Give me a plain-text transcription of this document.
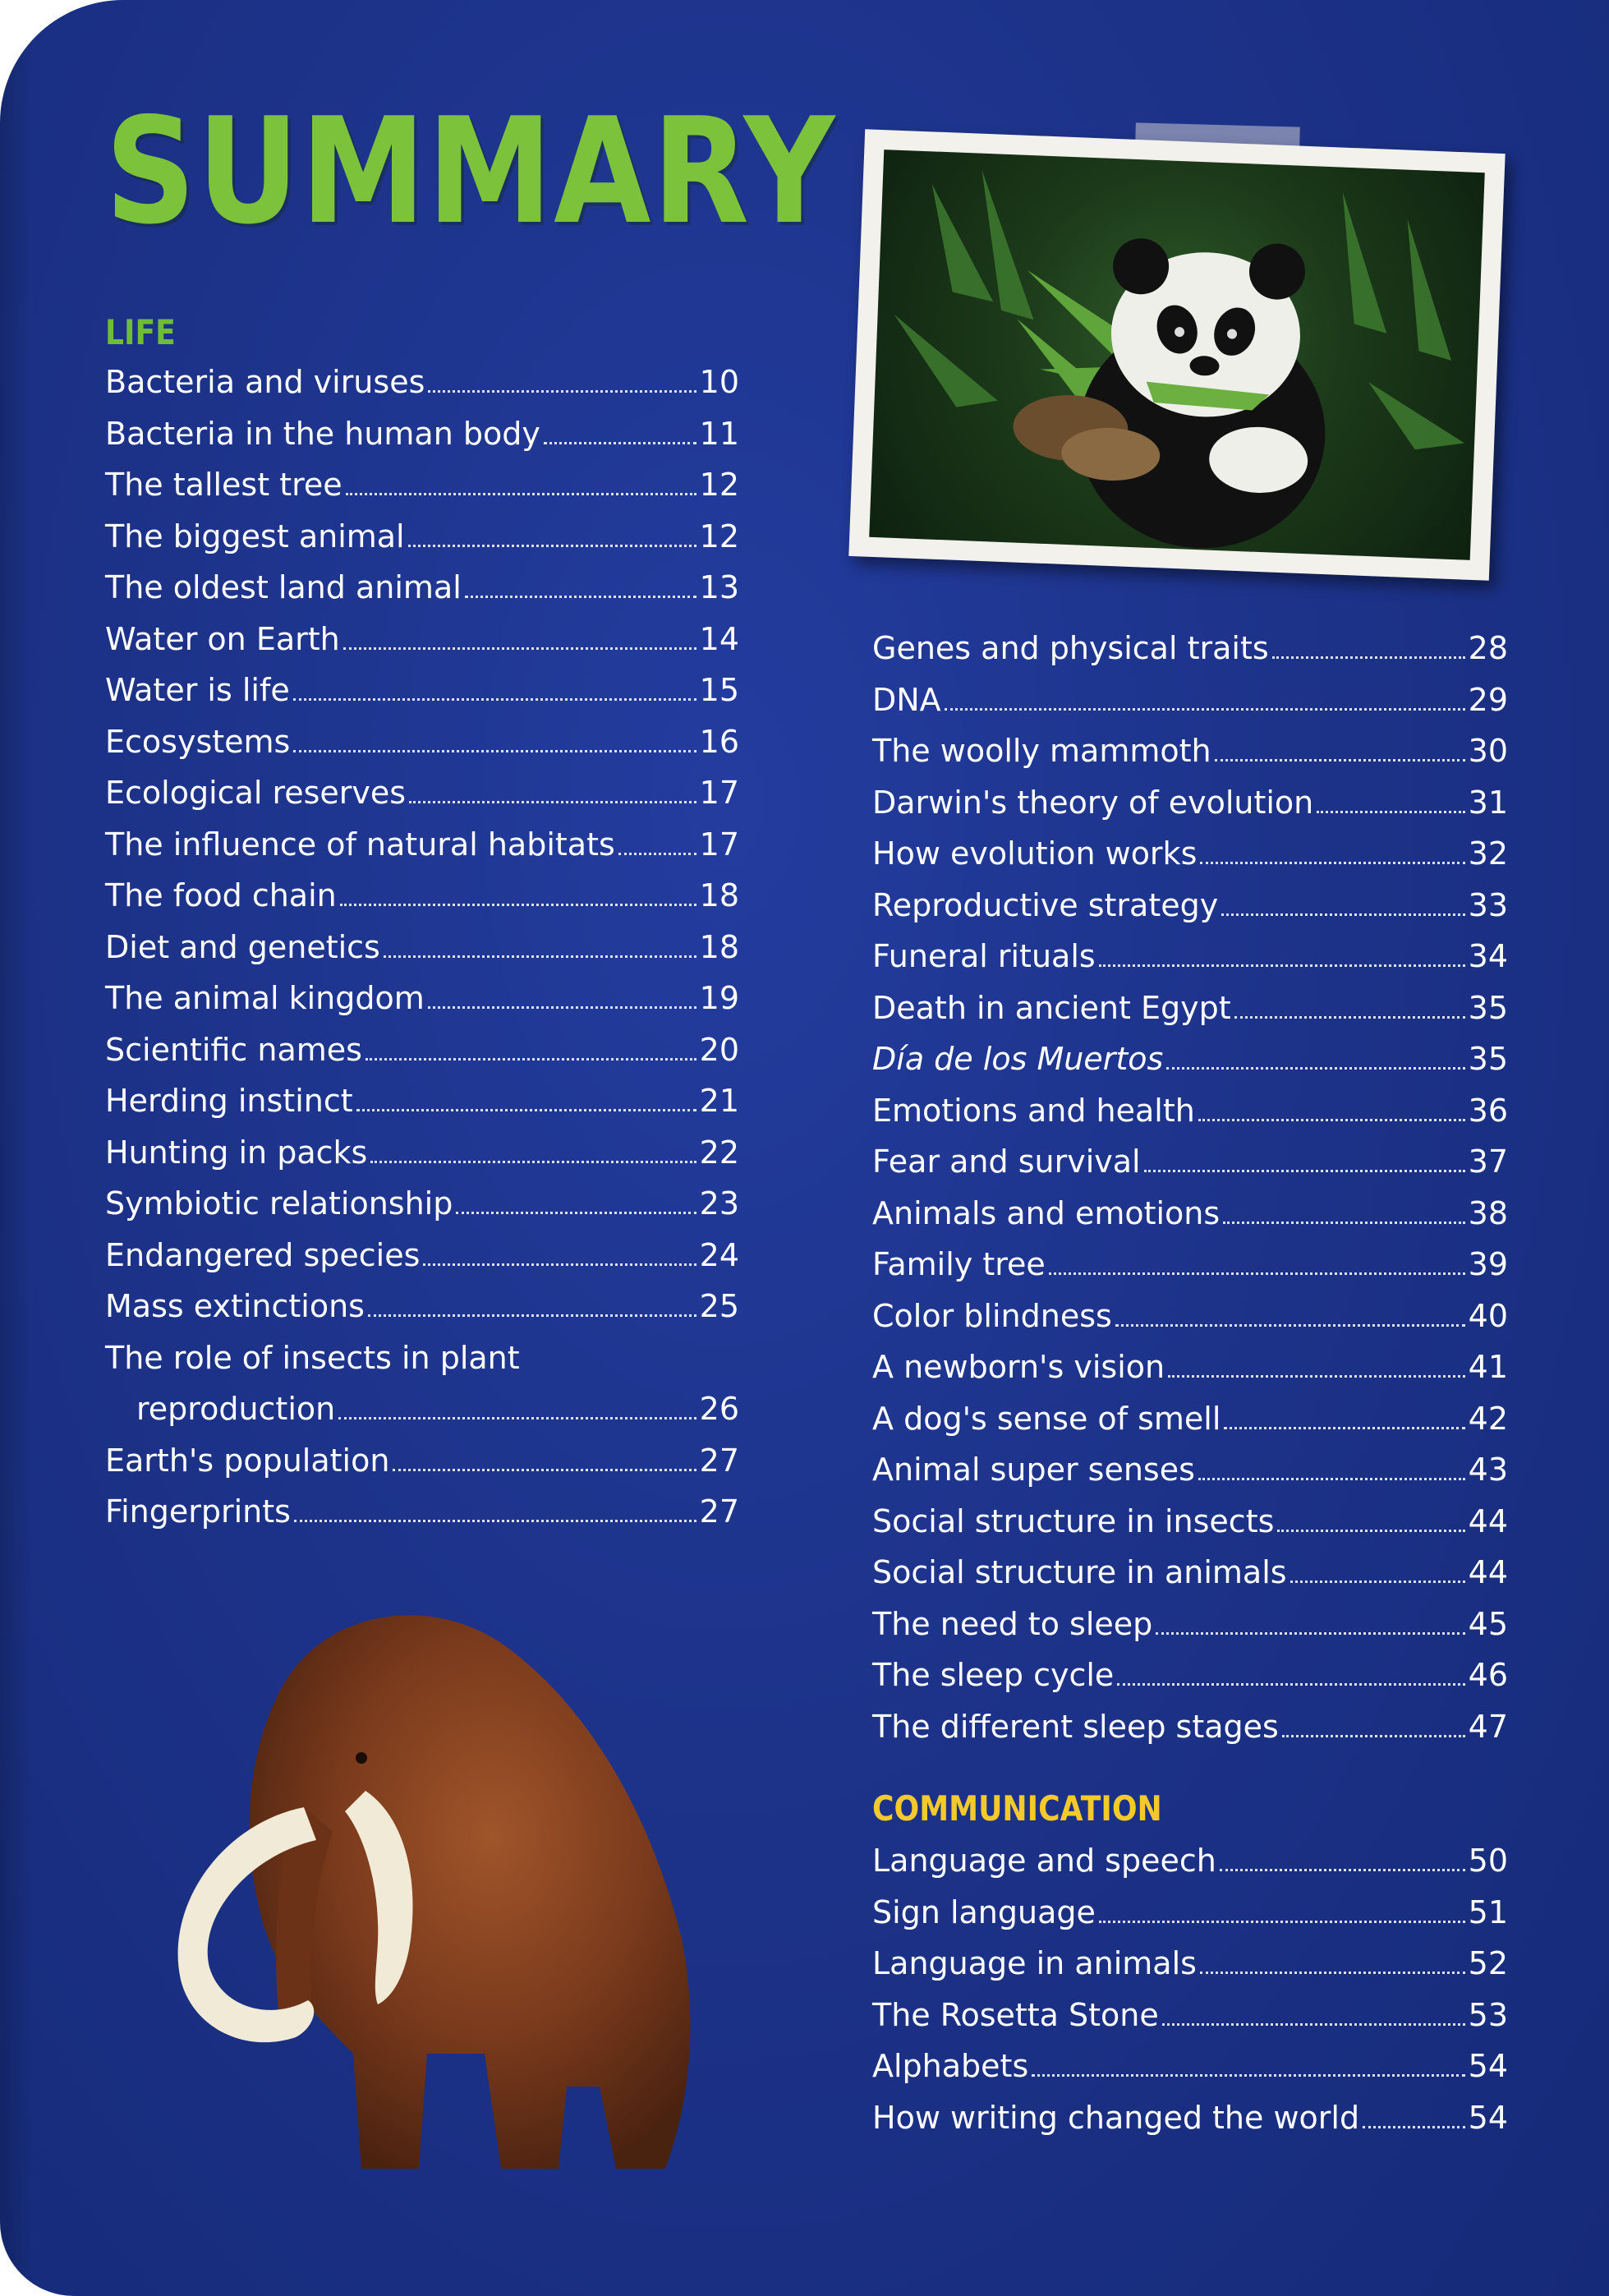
SUMMARY
LIFE
Bacteria and viruses	10
Bacteria in the human body	11
The tallest tree	12
The biggest animal	12
The oldest land animal	13
Water on Earth	14
Water is life	15
Ecosystems	16
Ecological reserves	17
The influence of natural habitats	17
The food chain	18
Diet and genetics	18
The animal kingdom	19
Scientific names	20
Herding instinct	21
Hunting in packs	22
Symbiotic relationship	23
Endangered species	24
Mass extinctions	25
The role of insects in plant
reproduction	26
Earth's population	27
Fingerprints	27
Genes and physical traits	28
DNA	29
The woolly mammoth	30
Darwin's theory of evolution	31
How evolution works	32
Reproductive strategy	33
Funeral rituals	34
Death in ancient Egypt	35
Día de los Muertos	35
Emotions and health	36
Fear and survival	37
Animals and emotions	38
Family tree	39
Color blindness	40
A newborn's vision	41
A dog's sense of smell	42
Animal super senses	43
Social structure in insects	44
Social structure in animals	44
The need to sleep	45
The sleep cycle	46
The different sleep stages	47
COMMUNICATION
Language and speech	50
Sign language	51
Language in animals	52
The Rosetta Stone	53
Alphabets	54
How writing changed the world	54
